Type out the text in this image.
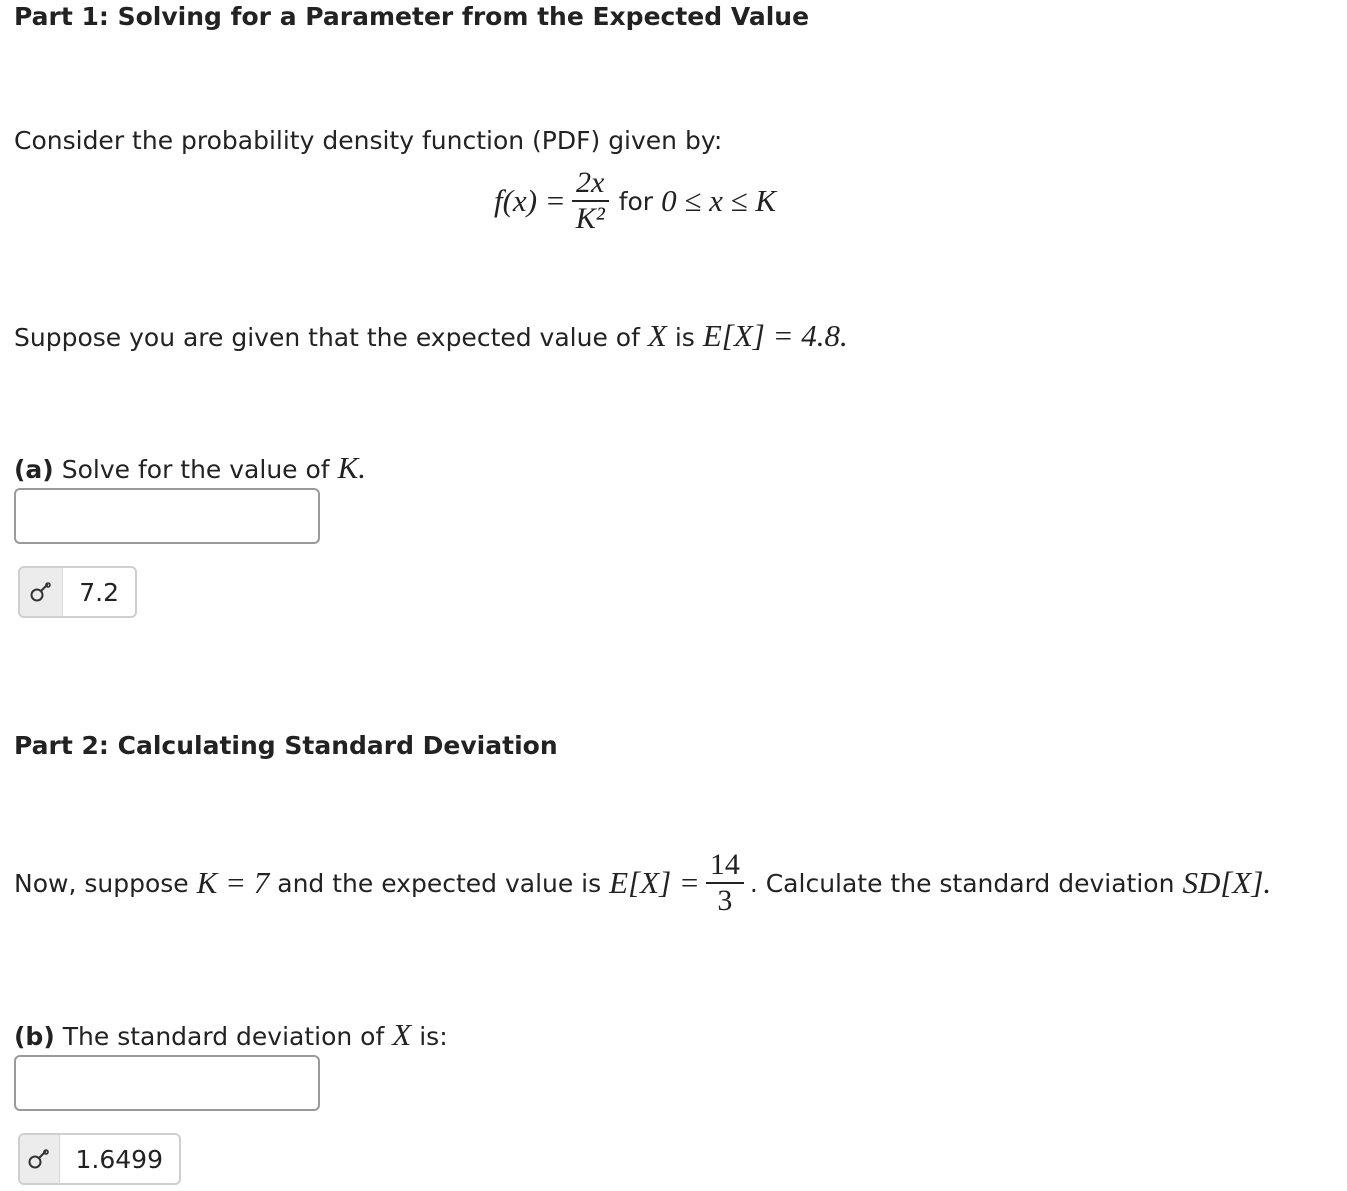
Part 1: Solving for a Parameter from the Expected Value
Consider the probability density function (PDF) given by:
$f(x) = \frac{2x}{\text{K²}}$ for 0 ≤ x ≤ K
Suppose you are given that the expected value of X is E[X] = 4.8.
(a) Solve for the value of K.
7.2
Part 2: Calculating Standard Deviation
Now, suppose K = 7 and the expected value is $E[X] = \frac{14}{3}$ . Calculate the standard deviation SD[X].
(b) The standard deviation of X is:
1.6499
